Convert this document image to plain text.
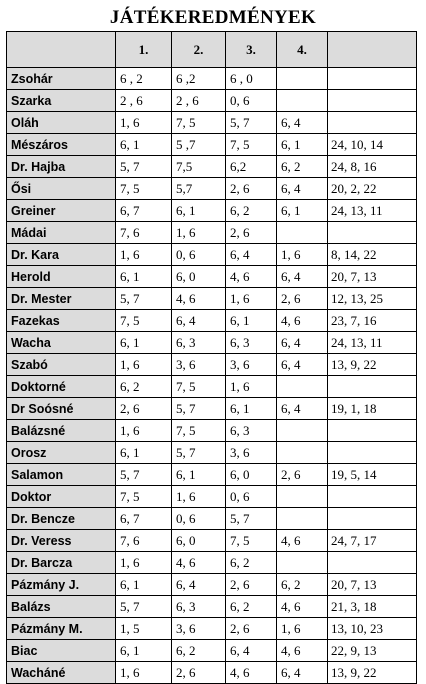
JÁTÉKEREDMÉNYEK
	1.	2.	3.	4.	
Zsohár	6 , 2	6 ,2	6 , 0		
Szarka	2 , 6	2 , 6	0, 6		
Oláh	1, 6	7, 5	5, 7	6, 4	
Mészáros	6, 1	5 ,7	7, 5	6, 1	24, 10, 14
Dr. Hajba	5, 7	7,5	6,2	6, 2	24, 8, 16
Ősi	7, 5	5,7	2, 6	6, 4	20, 2, 22
Greiner	6, 7	6, 1	6, 2	6, 1	24, 13, 11
Mádai	7, 6	1, 6	2, 6		
Dr. Kara	1, 6	0, 6	6, 4	1, 6	8, 14, 22
Herold	6, 1	6, 0	4, 6	6, 4	20, 7, 13
Dr. Mester	5, 7	4, 6	1, 6	2, 6	12, 13, 25
Fazekas	7, 5	6, 4	6, 1	4, 6	23, 7, 16
Wacha	6, 1	6, 3	6, 3	6, 4	24, 13, 11
Szabó	1, 6	3, 6	3, 6	6, 4	13, 9, 22
Doktorné	6, 2	7, 5	1, 6		
Dr Soósné	2, 6	5, 7	6, 1	6, 4	19, 1, 18
Balázsné	1, 6	7, 5	6, 3		
Orosz	6, 1	5, 7	3, 6		
Salamon	5, 7	6, 1	6, 0	2, 6	19, 5, 14
Doktor	7, 5	1, 6	0, 6		
Dr. Bencze	6, 7	0, 6	5, 7		
Dr. Veress	7, 6	6, 0	7, 5	4, 6	24, 7, 17
Dr. Barcza	1, 6	4, 6	6, 2		
Pázmány J.	6, 1	6, 4	2, 6	6, 2	20, 7, 13
Balázs	5, 7	6, 3	6, 2	4, 6	21, 3, 18
Pázmány M.	1, 5	3, 6	2, 6	1, 6	13, 10, 23
Biac	6, 1	6, 2	6, 4	4, 6	22, 9, 13
Wacháné	1, 6	2, 6	4, 6	6, 4	13, 9, 22
